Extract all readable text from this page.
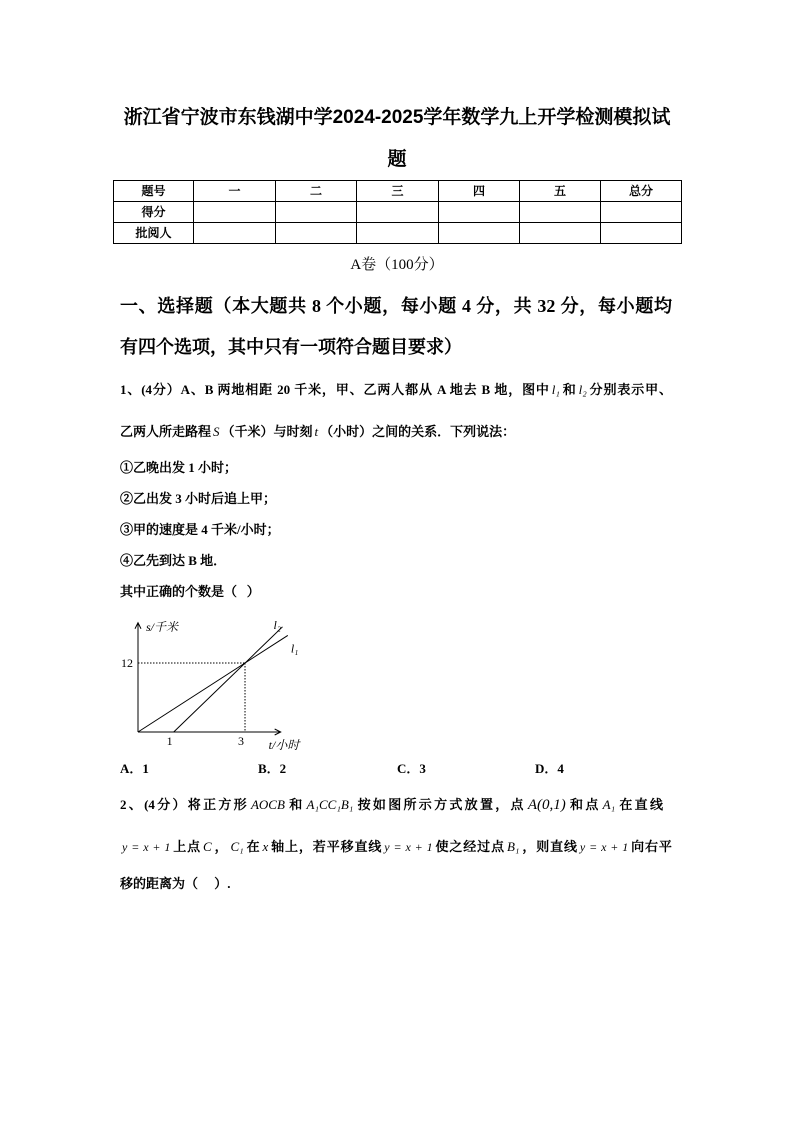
浙江省宁波市东钱湖中学2024-2025学年数学九上开学检测模拟试
题
题号	一	二	三	四	五	总分
得分						
批阅人						
A卷（100分）
一、选择题（本大题共 8 个小题，每小题 4 分，共 32 分，每小题均
有四个选项，其中只有一项符合题目要求）
1、(4分）A、B 两地相距 20 千米，甲、乙两人都从 A 地去 B 地，图中 l₁ 和 l₂ 分别表示甲、
乙两人所走路程 S （千米）与时刻 t （小时）之间的关系．下列说法：
①乙晚出发 1 小时；
②乙出发 3 小时后追上甲；
③甲的速度是 4 千米/小时；
④乙先到达 B 地．
其中正确的个数是（   ）
l₁
l₂
1	3
12
s/千米
t/小时
A．1	B．2	C．3	D．4
2、(4分）将正方形 AOCB 和 A₁CC₁B₁ 按如图所示方式放置，点 A(0,1) 和点 A₁ 在直线
y = x + 1 上点 C ， C₁ 在 x 轴上，若平移直线 y = x + 1 使之经过点 B₁ ，则直线 y = x + 1 向右平
移的距离为（     ）.
